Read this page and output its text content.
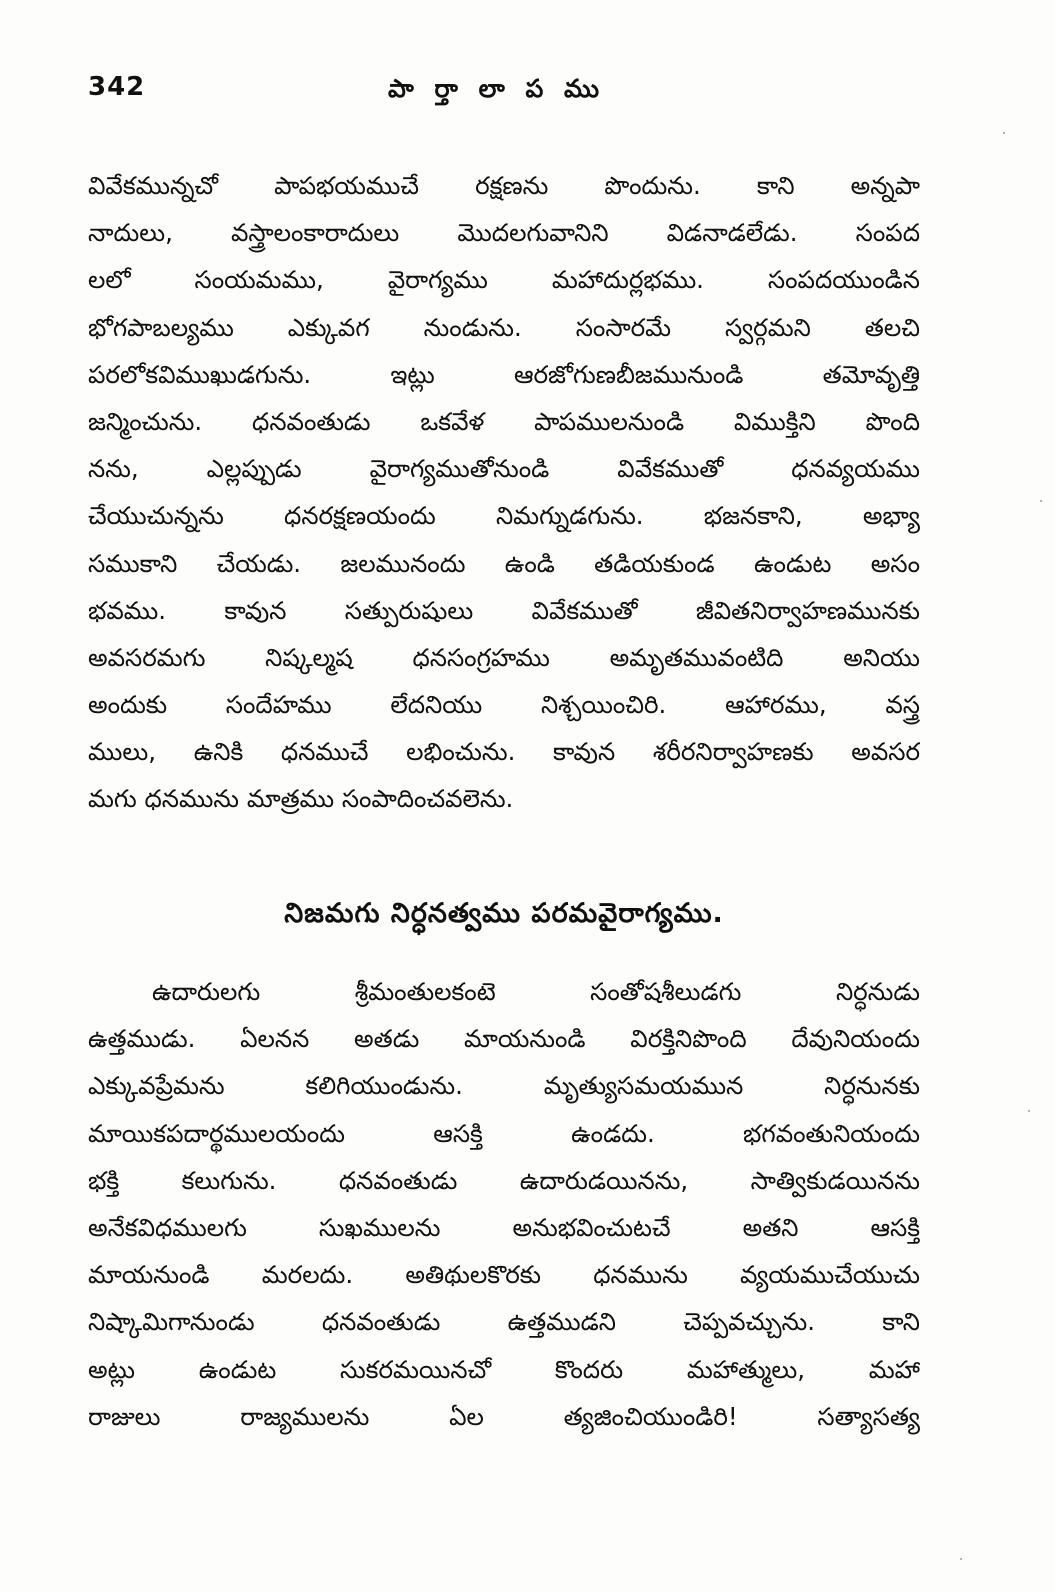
342	పా ర్తా లా ప ము
వివేకమున్నచో పాపభయముచే రక్షణను పొందును. కాని అన్నపా
నాదులు, వస్త్రాలంకారాదులు మొదలగువానిని విడనాడలేడు. సంపద
లలో సంయమము, వైరాగ్యము మహాదుర్లభము. సంపదయుండిన
భోగపాబల్యము ఎక్కువగ నుండును. సంసారమే స్వర్గమని తలచి
పరలోకవిముఖుడగును. ఇట్లు ఆరజోగుణబీజమునుండి తమోవృత్తి
జన్మించును. ధనవంతుడు ఒకవేళ పాపములనుండి విముక్తిని పొంది
నను, ఎల్లప్పుడు వైరాగ్యముతోనుండి వివేకముతో ధనవ్యయము
చేయుచున్నను ధనరక్షణయందు నిమగ్నుడగును. భజనకాని, అభ్యా
సముకాని చేయడు. జలమునందు ఉండి తడియకుండ ఉండుట అసం
భవము. కావున సత్పురుషులు వివేకముతో జీవితనిర్వాహణమునకు
అవసరమగు నిష్కల్మష ధనసంగ్రహము అమృతమువంటిది అనియు
అందుకు సందేహము లేదనియు నిశ్చయించిరి. ఆహారము, వస్త్ర
ములు, ఉనికి ధనముచే లభించును. కావున శరీరనిర్వాహణకు అవసర
మగు ధనమును మాత్రము సంపాదించవలెను.
నిజమగు నిర్ధనత్వము పరమవైరాగ్యము.
ఉదారులగు శ్రీమంతులకంటె సంతోషశీలుడగు నిర్ధనుడు
ఉత్తముడు. ఏలనన అతడు మాయనుండి విరక్తినిపొంది దేవునియందు
ఎక్కువప్రేమను కలిగియుండును. మృత్యుసమయమున నిర్ధనునకు
మాయికపదార్థములయందు ఆసక్తి ఉండదు. భగవంతునియందు
భక్తి కలుగును. ధనవంతుడు ఉదారుడయినను, సాత్వికుడయినను
అనేకవిధములగు సుఖములను అనుభవించుటచే అతని ఆసక్తి
మాయనుండి మరలదు. అతిథులకొరకు ధనమును వ్యయముచేయుచు
నిష్కామిగానుండు ధనవంతుడు ఉత్తముడని చెప్పవచ్చును. కాని
అట్లు ఉండుట సుకరమయినచో కొందరు మహాత్ములు, మహా
రాజులు రాజ్యములను ఏల త్యజించియుండిరి! సత్యాసత్య
